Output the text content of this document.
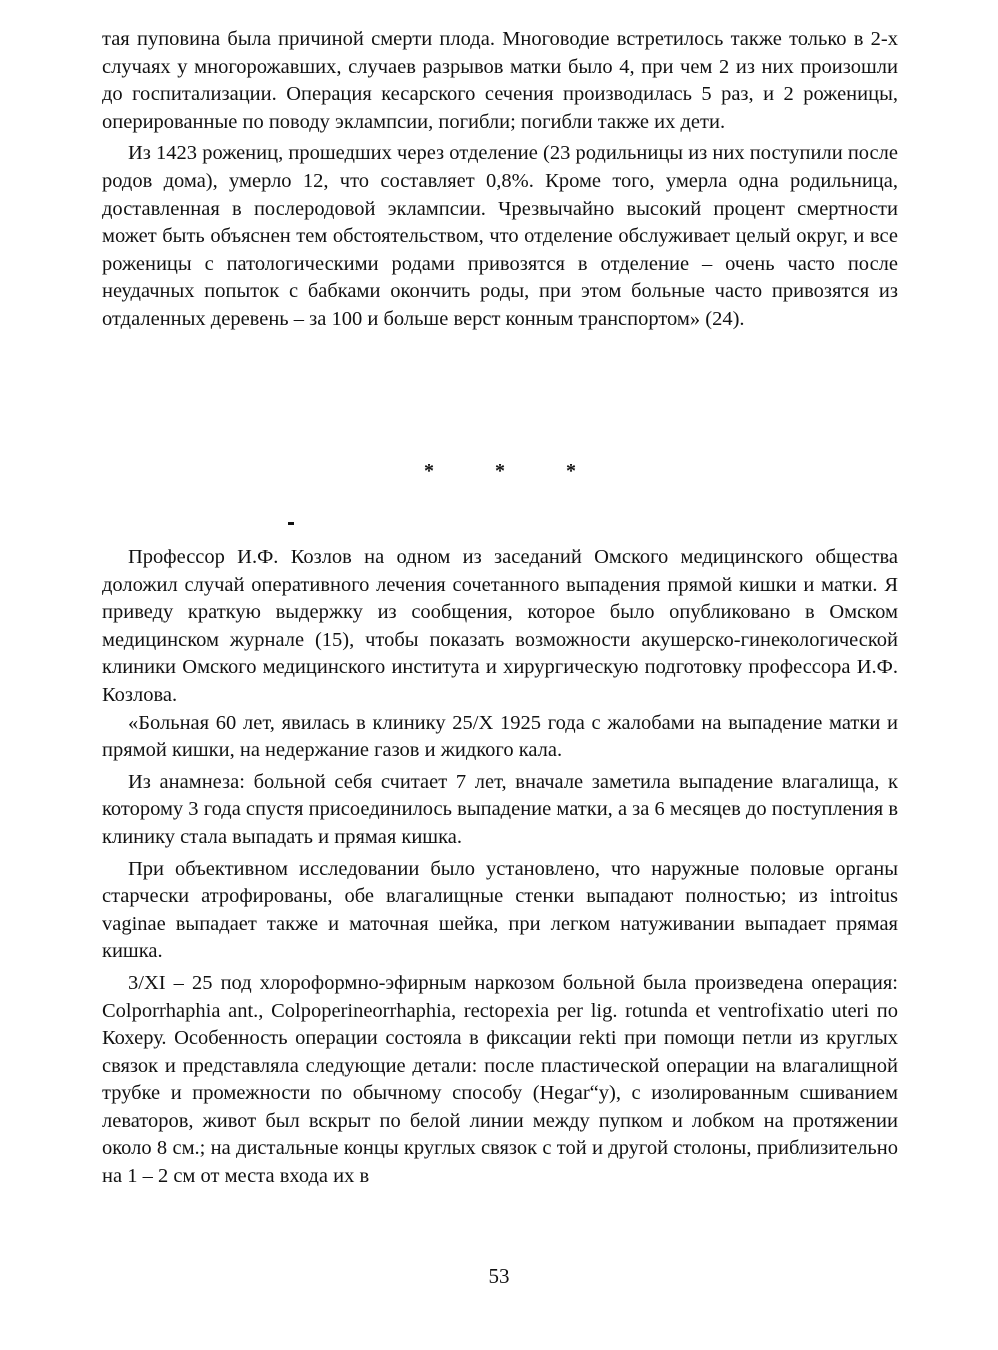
тая пуповина была причиной смерти плода. Многоводие встретилось также только в 2-х случаях у многорожавших, случаев разрывов матки было 4, при чем 2 из них произошли до госпитализации. Операция кесарского сечения производилась 5 раз, и 2 роженицы, оперированные по поводу эклампсии, погибли; погибли также их дети.

Из 1423 рожениц, прошедших через отделение (23 родильницы из них поступили после родов дома), умерло 12, что составляет 0,8%. Кроме того, умерла одна родильница, доставленная в послеродовой эклампсии. Чрезвычайно высокий процент смертности может быть объяснен тем обстоятельством, что отделение обслуживает целый округ, и все роженицы с патологическими родами привозятся в отделение – очень часто после неудачных попыток с бабками окончить роды, при этом больные часто привозятся из отдаленных деревень – за 100 и больше верст конным транспортом» (24).

* * *

Профессор И.Ф. Козлов на одном из заседаний Омского медицинского общества доложил случай оперативного лечения сочетанного выпадения прямой кишки и матки. Я приведу краткую выдержку из сообщения, которое было опубликовано в Омском медицинском журнале (15), чтобы показать возможности акушерско-гинекологической клиники Омского медицинского института и хирургическую подготовку профессора И.Ф. Козлова.

«Больная 60 лет, явилась в клинику 25/X 1925 года с жалобами на выпадение матки и прямой кишки, на недержание газов и жидкого кала.

Из анамнеза: больной себя считает 7 лет, вначале заметила выпадение влагалища, к которому 3 года спустя присоединилось выпадение матки, а за 6 месяцев до поступления в клинику стала выпадать и прямая кишка.

При объективном исследовании было установлено, что наружные половые органы старчески атрофированы, обе влагалищные стенки выпадают полностью; из introitus vaginae выпадает также и маточная шейка, при легком натуживании выпадает прямая кишка.

3/XI – 25 под хлороформно-эфирным наркозом больной была произведена операция: Colporrhaphia ant., Colpoperineorrhaphia, rectopexia per lig. rotunda et ventrofixatio uteri по Кохеру. Особенность операции состояла в фиксации rekti при помощи петли из круглых связок и представляла следующие детали: после пластической операции на влагалищной трубке и промежности по обычному способу (Hegar“y), с изолированным сшиванием леваторов, живот был вскрыт по белой линии между пупком и лобком на протяжении около 8 см.; на дистальные концы круглых связок с той и другой столоны, приблизительно на 1 – 2 см от места входа их в

53
